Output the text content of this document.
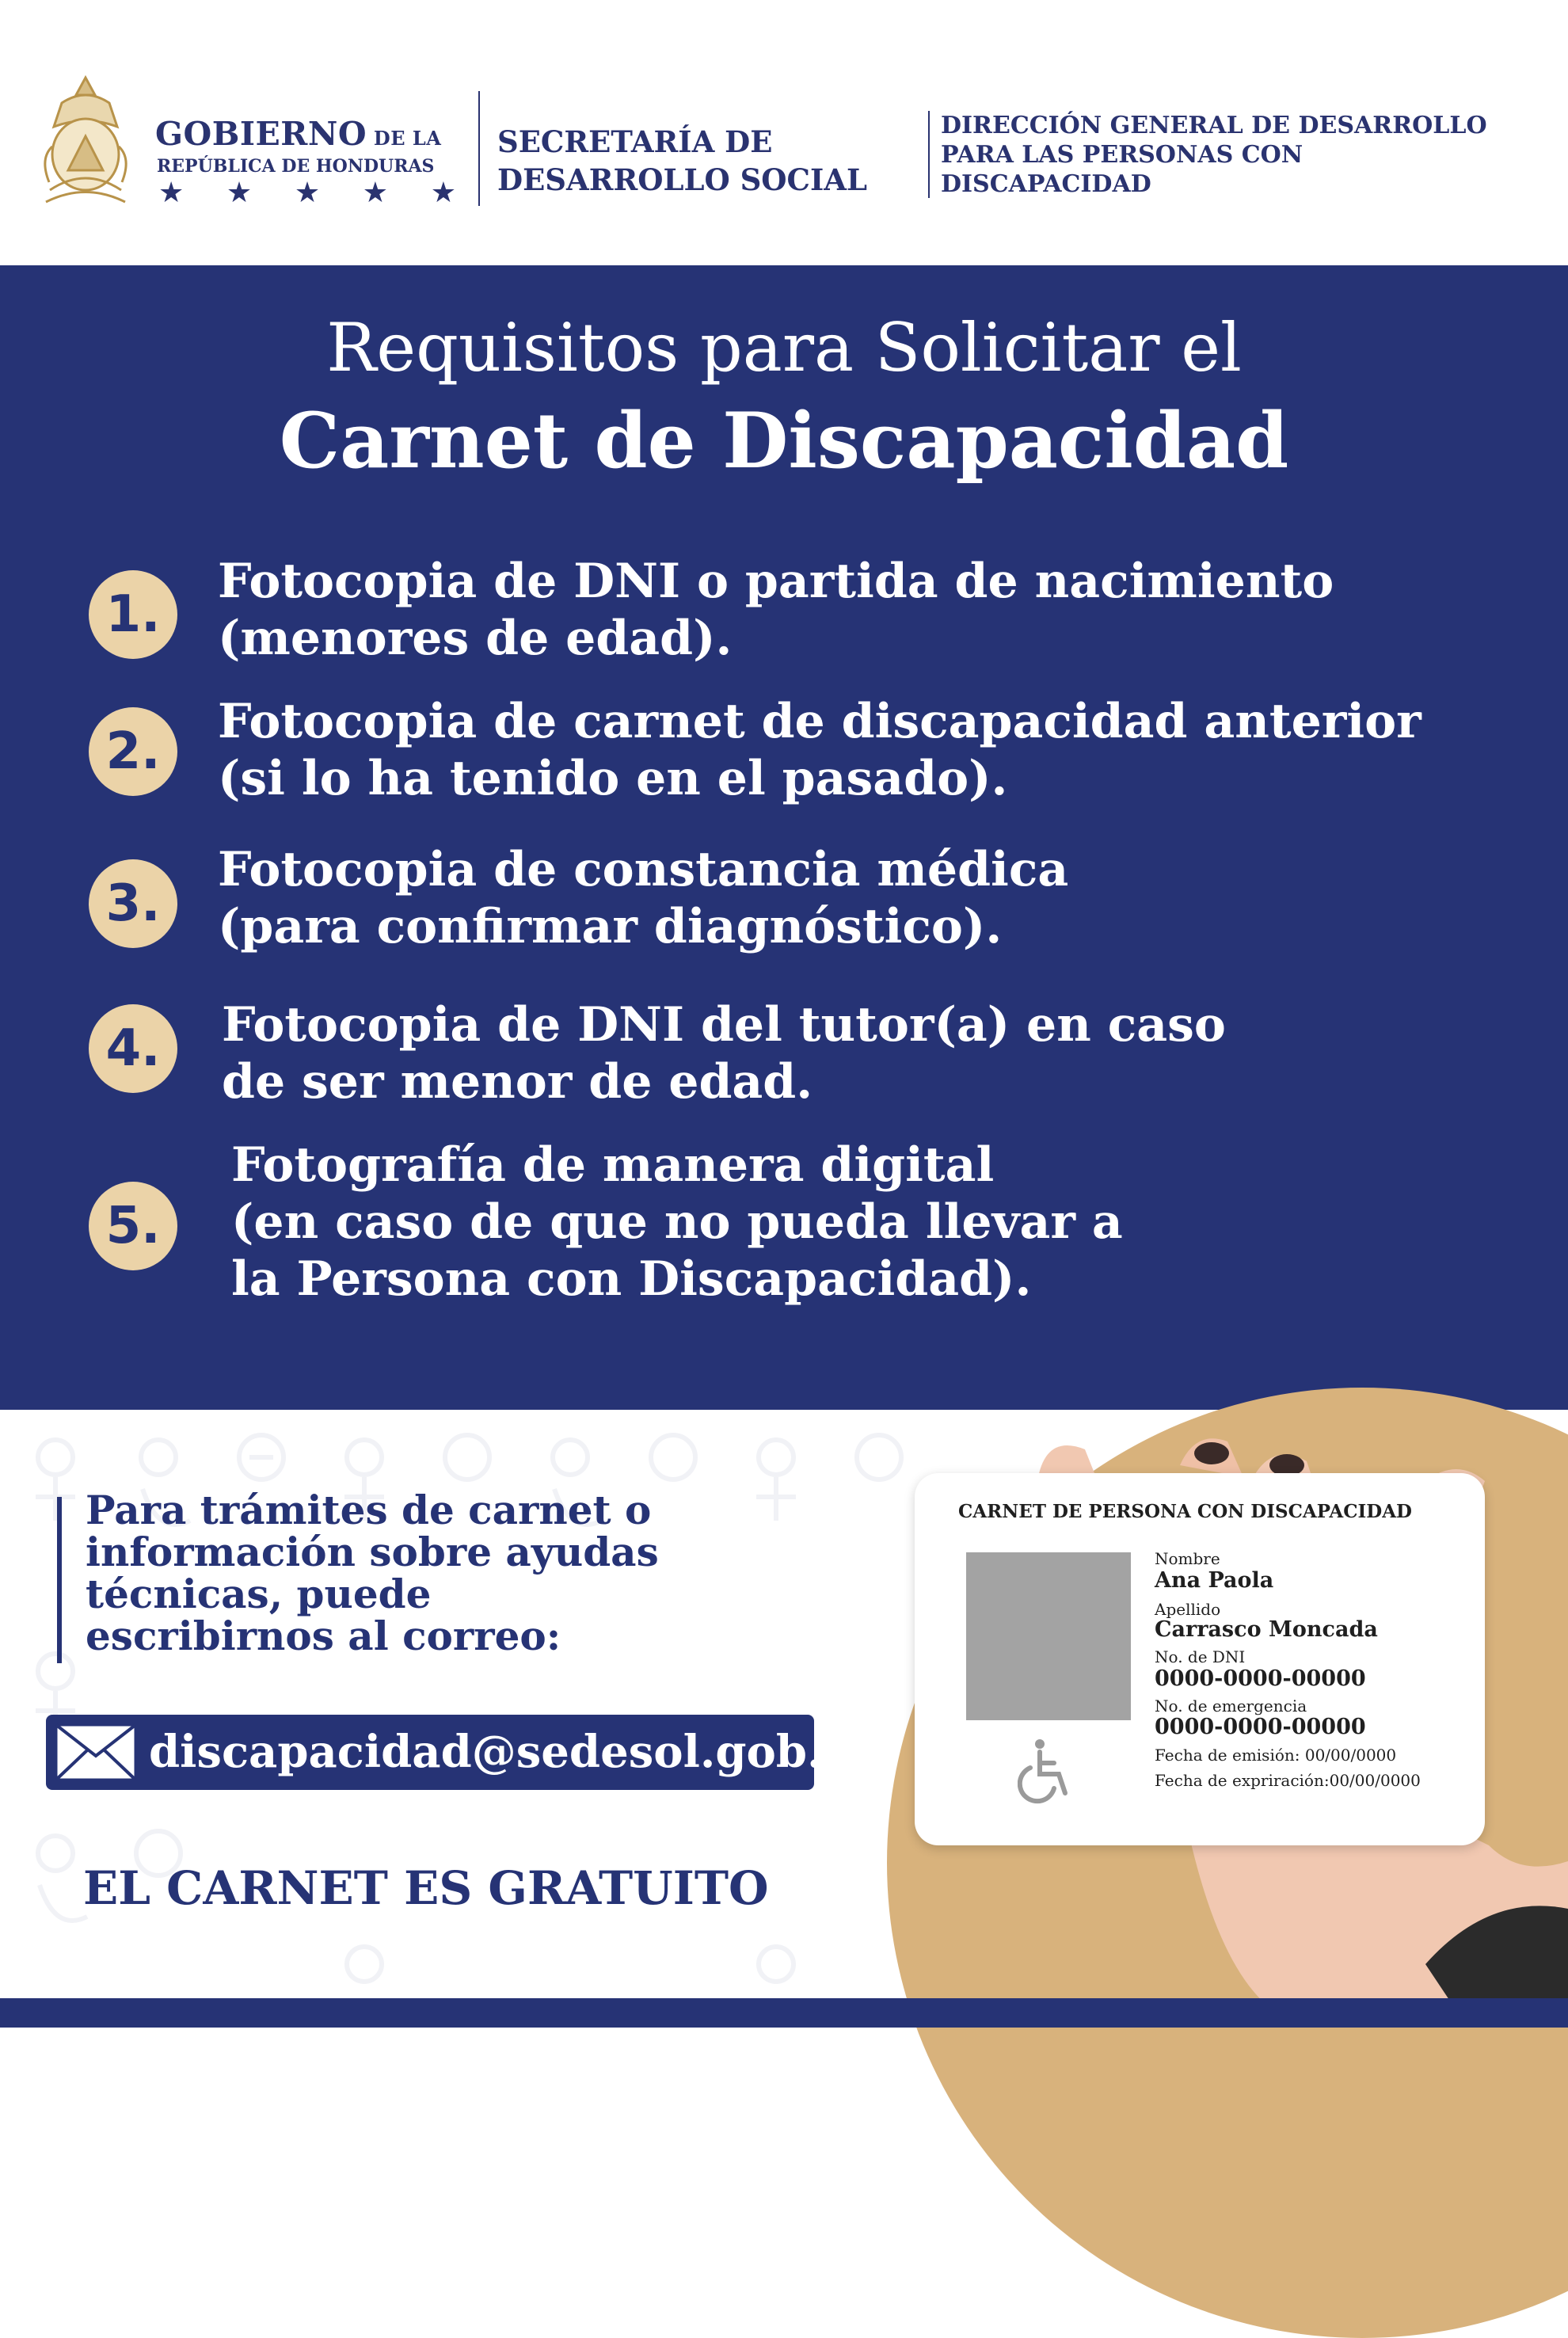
GOBIERNO DE LA
REPÚBLICA DE HONDURAS
★ ★ ★ ★ ★
SECRETARÍA DE
DESARROLLO SOCIAL
DIRECCIÓN GENERAL DE DESARROLLO
PARA LAS PERSONAS CON
DISCAPACIDAD
Requisitos para Solicitar el
Carnet de Discapacidad
1.
Fotocopia de DNI o partida de nacimiento
(menores de edad).
2.
Fotocopia de carnet de discapacidad anterior
(si lo ha tenido en el pasado).
3.
Fotocopia de constancia médica
(para confirmar diagnóstico).
4.	Fotocopia de DNI del tutor(a) en caso
de ser menor de edad.
5.
Fotografía de manera digital
(en caso de que no pueda llevar a
la Persona con Discapacidad).
CARNET DE PERSONA CON DISCAPACIDAD
Nombre
Ana Paola
Apellido
Carrasco Moncada
No. de DNI
0000-0000-00000
No. de emergencia
0000-0000-00000
Fecha de emisión: 00/00/0000
Fecha de exprіración:00/00/0000
Para trámites de carnet o
información sobre ayudas
técnicas, puede
escribirnos al correo:
discapacidad@sedesol.gob.hn
EL CARNET ES GRATUITO
